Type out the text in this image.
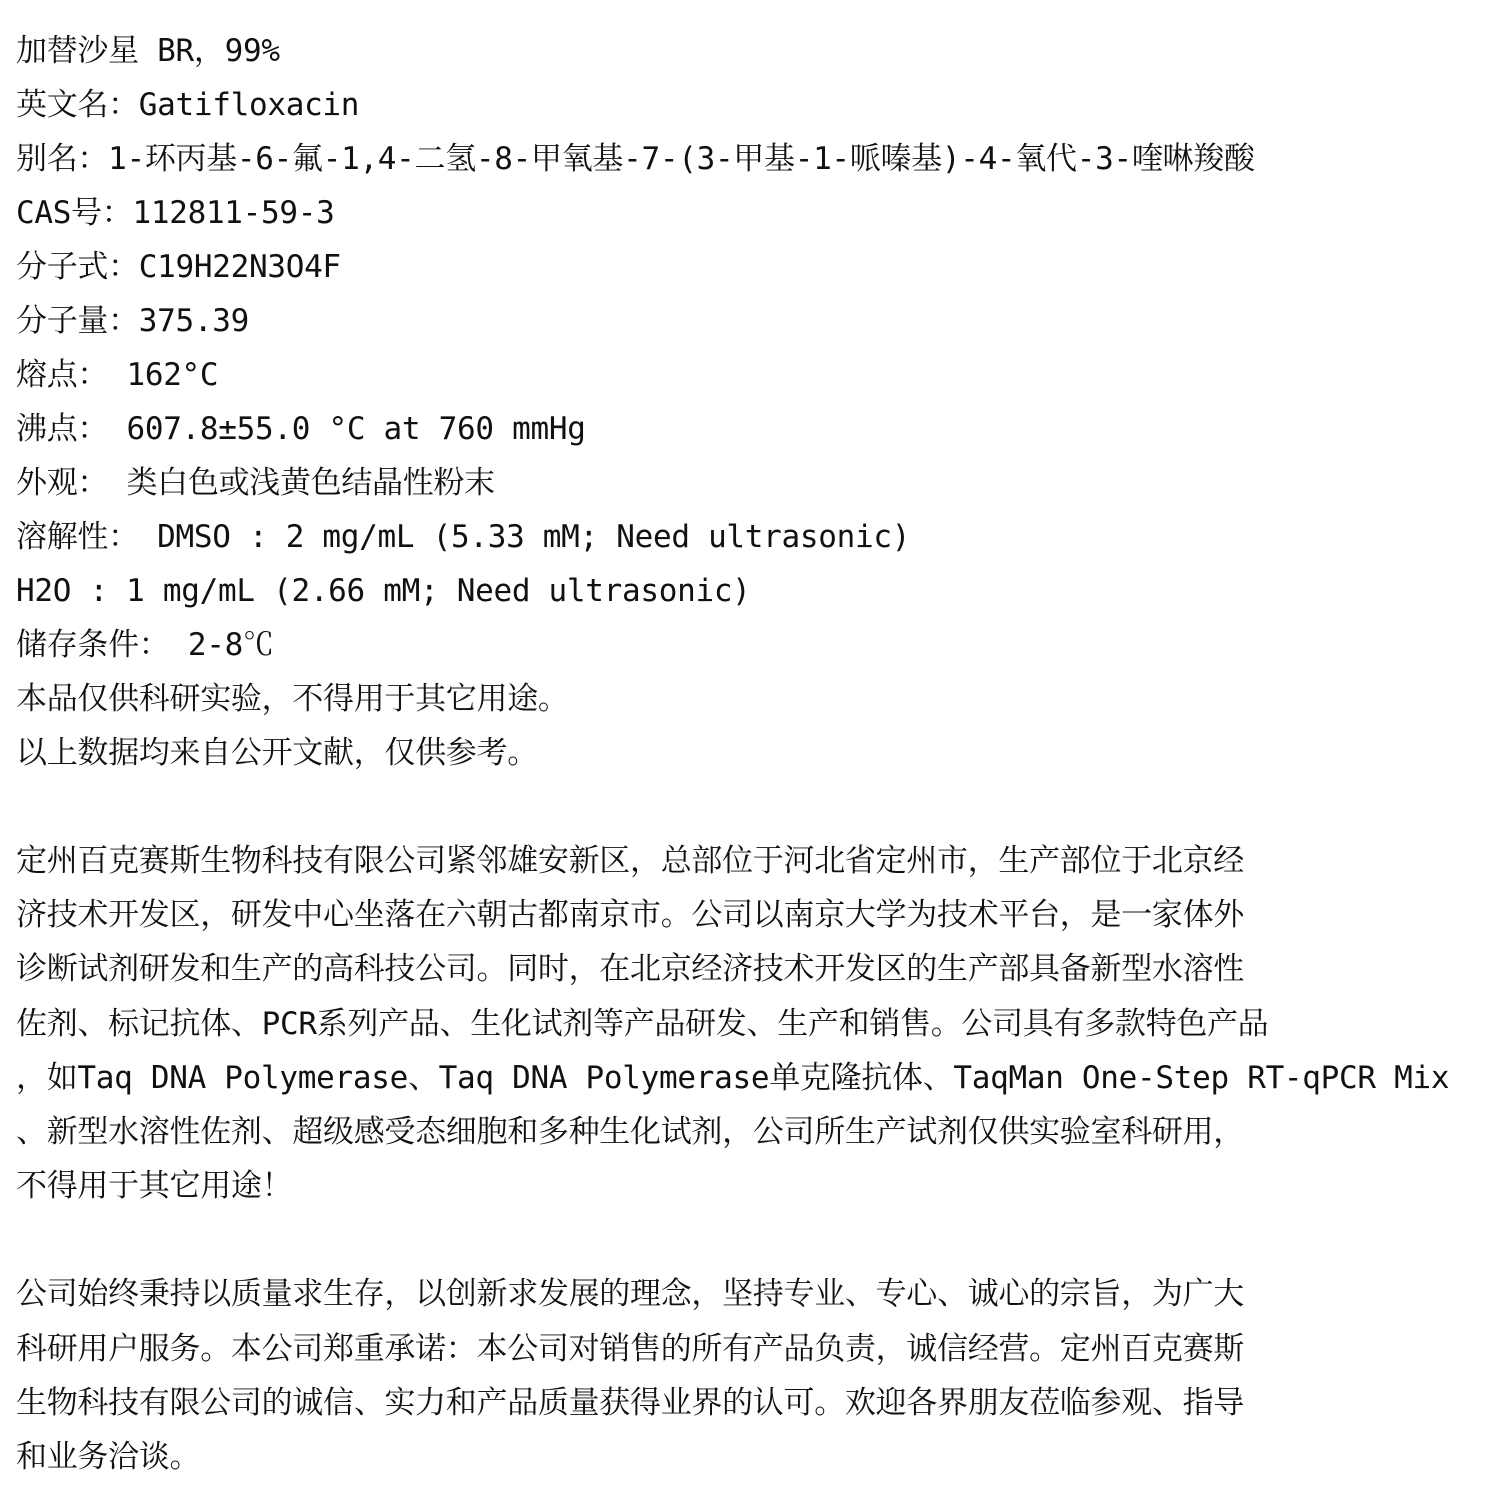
加替沙星 BR，99%
英文名：Gatifloxacin
别名：1-环丙基-6-氟-1,4-二氢-8-甲氧基-7-(3-甲基-1-哌嗪基)-4-氧代-3-喹啉羧酸
CAS号：112811-59-3
分子式：C19H22N3O4F
分子量：375.39
熔点： 162°C
沸点： 607.8±55.0 °C at 760 mmHg
外观： 类白色或浅黄色结晶性粉末
溶解性： DMSO : 2 mg/mL (5.33 mM; Need ultrasonic)
H2O : 1 mg/mL (2.66 mM; Need ultrasonic)
储存条件： 2-8℃
本品仅供科研实验，不得用于其它用途。
以上数据均来自公开文献，仅供参考。
定州百克赛斯生物科技有限公司紧邻雄安新区，总部位于河北省定州市，生产部位于北京经
济技术开发区，研发中心坐落在六朝古都南京市。公司以南京大学为技术平台，是一家体外
诊断试剂研发和生产的高科技公司。同时，在北京经济技术开发区的生产部具备新型水溶性
佐剂、标记抗体、PCR系列产品、生化试剂等产品研发、生产和销售。公司具有多款特色产品
，如Taq DNA Polymerase、Taq DNA Polymerase单克隆抗体、TaqMan One-Step RT-qPCR Mix
、新型水溶性佐剂、超级感受态细胞和多种生化试剂，公司所生产试剂仅供实验室科研用，
不得用于其它用途！
公司始终秉持以质量求生存，以创新求发展的理念，坚持专业、专心、诚心的宗旨，为广大
科研用户服务。本公司郑重承诺：本公司对销售的所有产品负责，诚信经营。定州百克赛斯
生物科技有限公司的诚信、实力和产品质量获得业界的认可。欢迎各界朋友莅临参观、指导
和业务洽谈。
